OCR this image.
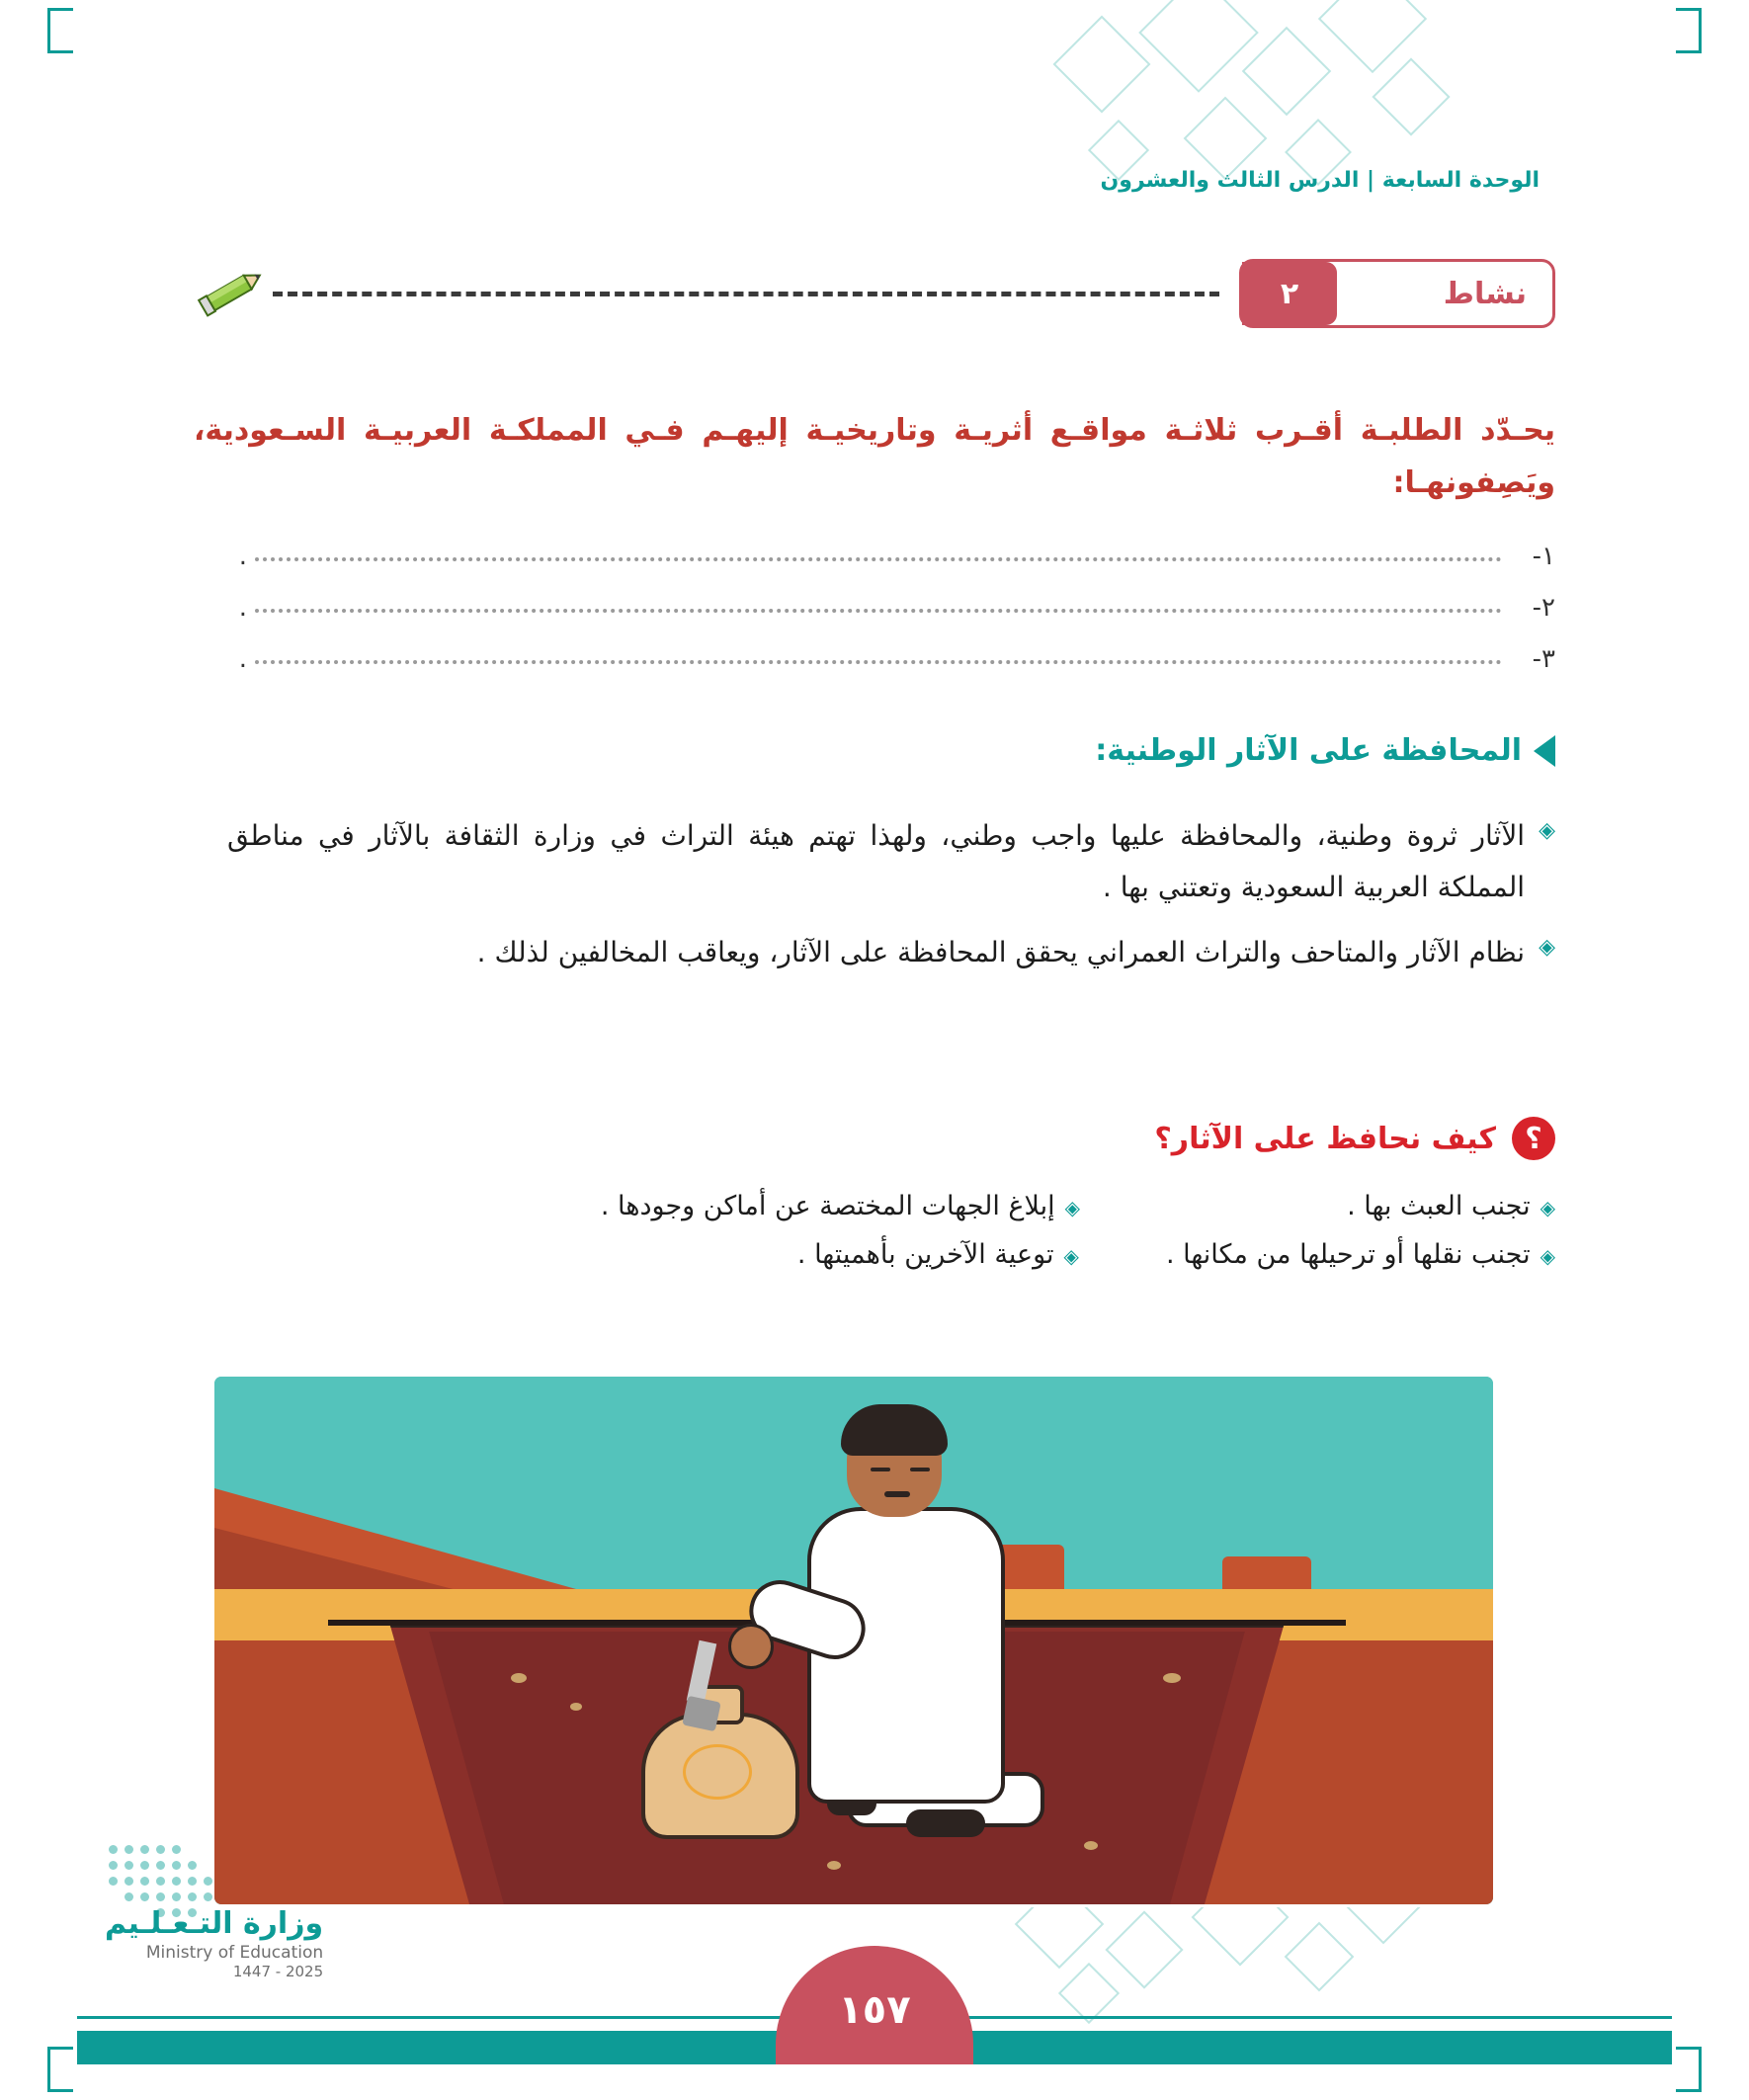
الوحدة السابعة | الدرس الثالث والعشرون
نشاط
٢
يحـدّد الطلبـة أقـرب ثلاثـة مواقـع أثريـة وتاريخيـة إليهـم فـي المملكـة العربيـة السـعودية، ويَصِفونهـا:
١-
.
٢-
.
٣-
.
المحافظة على الآثار الوطنية:
◈
الآثار ثروة وطنية، والمحافظة عليها واجب وطني، ولهذا تهتم هيئة التراث في وزارة الثقافة بالآثار في مناطق المملكة العربية السعودية وتعتني بها .
◈
نظام الآثار والمتاحف والتراث العمراني يحقق المحافظة على الآثار، ويعاقب المخالفين لذلك .
؟
كيف نحافظ على الآثار؟
◈
تجنب العبث بها .
◈
إبلاغ الجهات المختصة عن أماكن وجودها .
◈
تجنب نقلها أو ترحيلها من مكانها .
◈
توعية الآخرين بأهميتها .
وزارة التـعـلـيم
Ministry of Education
2025 - 1447
١٥٧
